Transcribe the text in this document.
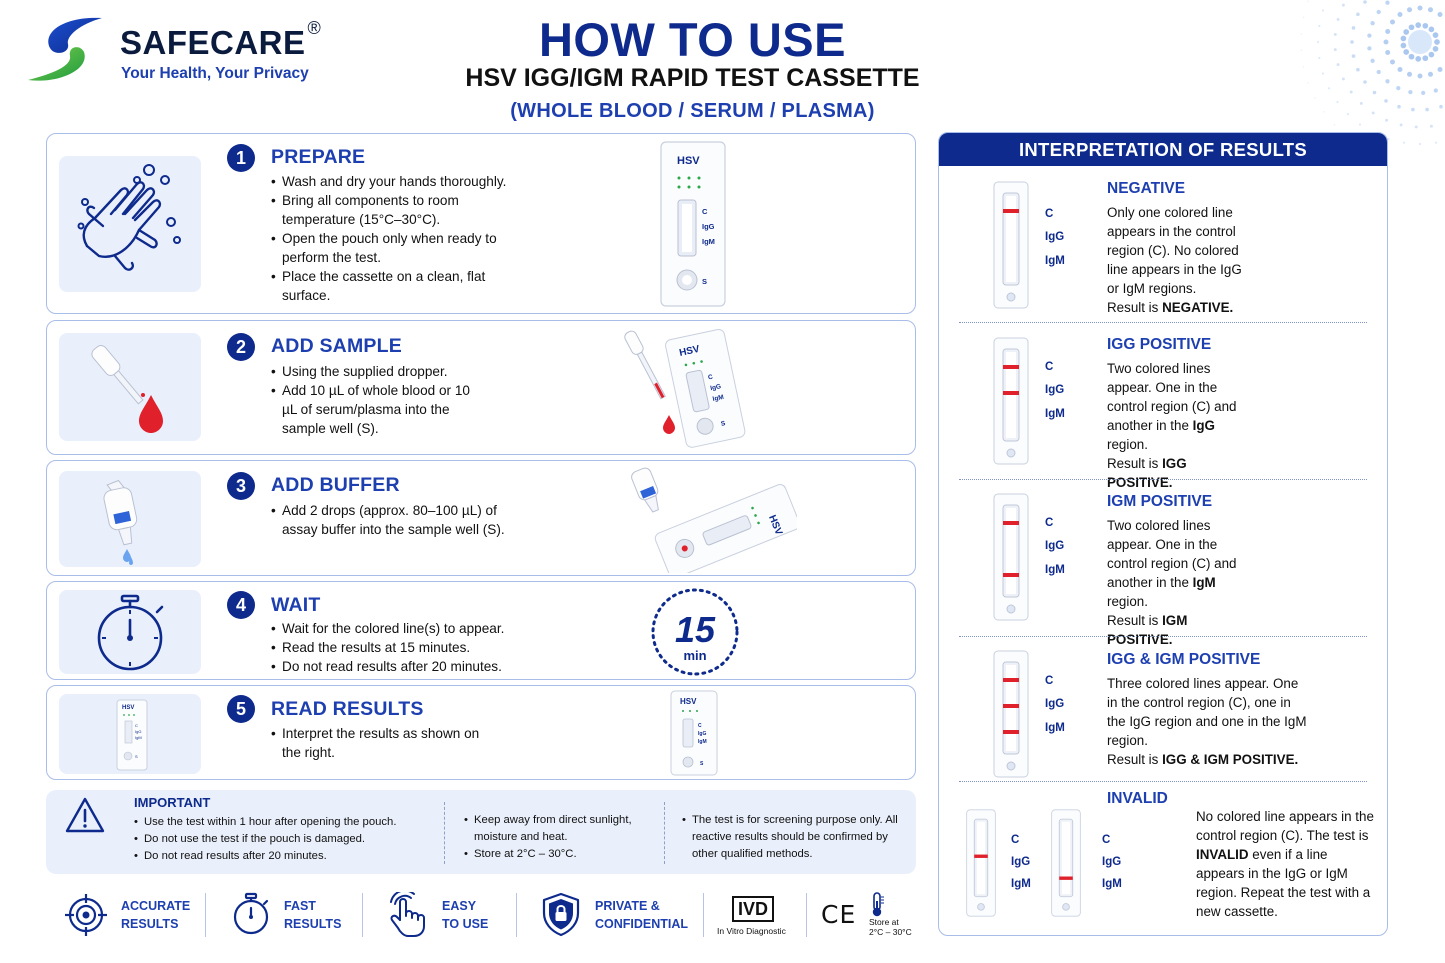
SAFECARE ®
Your Health, Your Privacy
HOW TO USE
HSV IGG/IGM RAPID TEST CASSETTE
(WHOLE BLOOD / SERUM / PLASMA)
1	PREPARE
• Wash and dry your hands thoroughly.
• Bring all components to room temperature (15°C–30°C).
• Open the pouch only when ready to perform the test.
• Place the cassette on a clean, flat surface.
HSV
C
IgG
IgM
S
2	ADD SAMPLE
• Using the supplied dropper.
• Add 10 µL of whole blood or 10 µL of serum/plasma into the sample well (S).
HSV
C
IgG
IgM
S
3	ADD BUFFER
• Add 2 drops (approx. 80–100 µL) of assay buffer into the sample well (S).	HSV
4	WAIT
• Wait for the colored line(s) to appear.
• Read the results at 15 minutes.
• Do not read results after 20 minutes.
15
min
HSV
C
IgG
IgM
S
5	READ RESULTS
• Interpret the results as shown on the right.
HSV
C
IgG
IgM
S
IMPORTANT
• Use the test within 1 hour after opening the pouch.
• Do not use the test if the pouch is damaged.
• Do not read results after 20 minutes.
• Keep away from direct sunlight, moisture and heat.
• Store at 2°C – 30°C.
• The test is for screening purpose only. All reactive results should be confirmed by other qualified methods.
ACCURATE
RESULTS
FAST
RESULTS
EASY
TO USE
PRIVATE &
CONFIDENTIAL
IVD
In Vitro Diagnostic
CE Store at
2°C – 30°C
INTERPRETATION OF RESULTS
C
IgG
IgM
NEGATIVE
Only one colored line appears in the control region (C). No colored line appears in the IgG or IgM regions.
Result is NEGATIVE.
C
IgG
IgM
IGG POSITIVE
Two colored lines appear. One in the control region (C) and another in the IgG region.
Result is IGG POSITIVE.
C
IgG
IgM
IGM POSITIVE
Two colored lines appear. One in the control region (C) and another in the IgM region.
Result is IGM POSITIVE.
C
IgG
IgM
IGG & IGM POSITIVE
Three colored lines appear. One in the control region (C), one in the IgG region and one in the IgM region.
Result is IGG & IGM POSITIVE.
C
IgG
IgM
C
IgG
IgM
INVALID
No colored line appears in the control region (C). The test is INVALID even if a line appears in the IgG or IgM region. Repeat the test with a new cassette.
